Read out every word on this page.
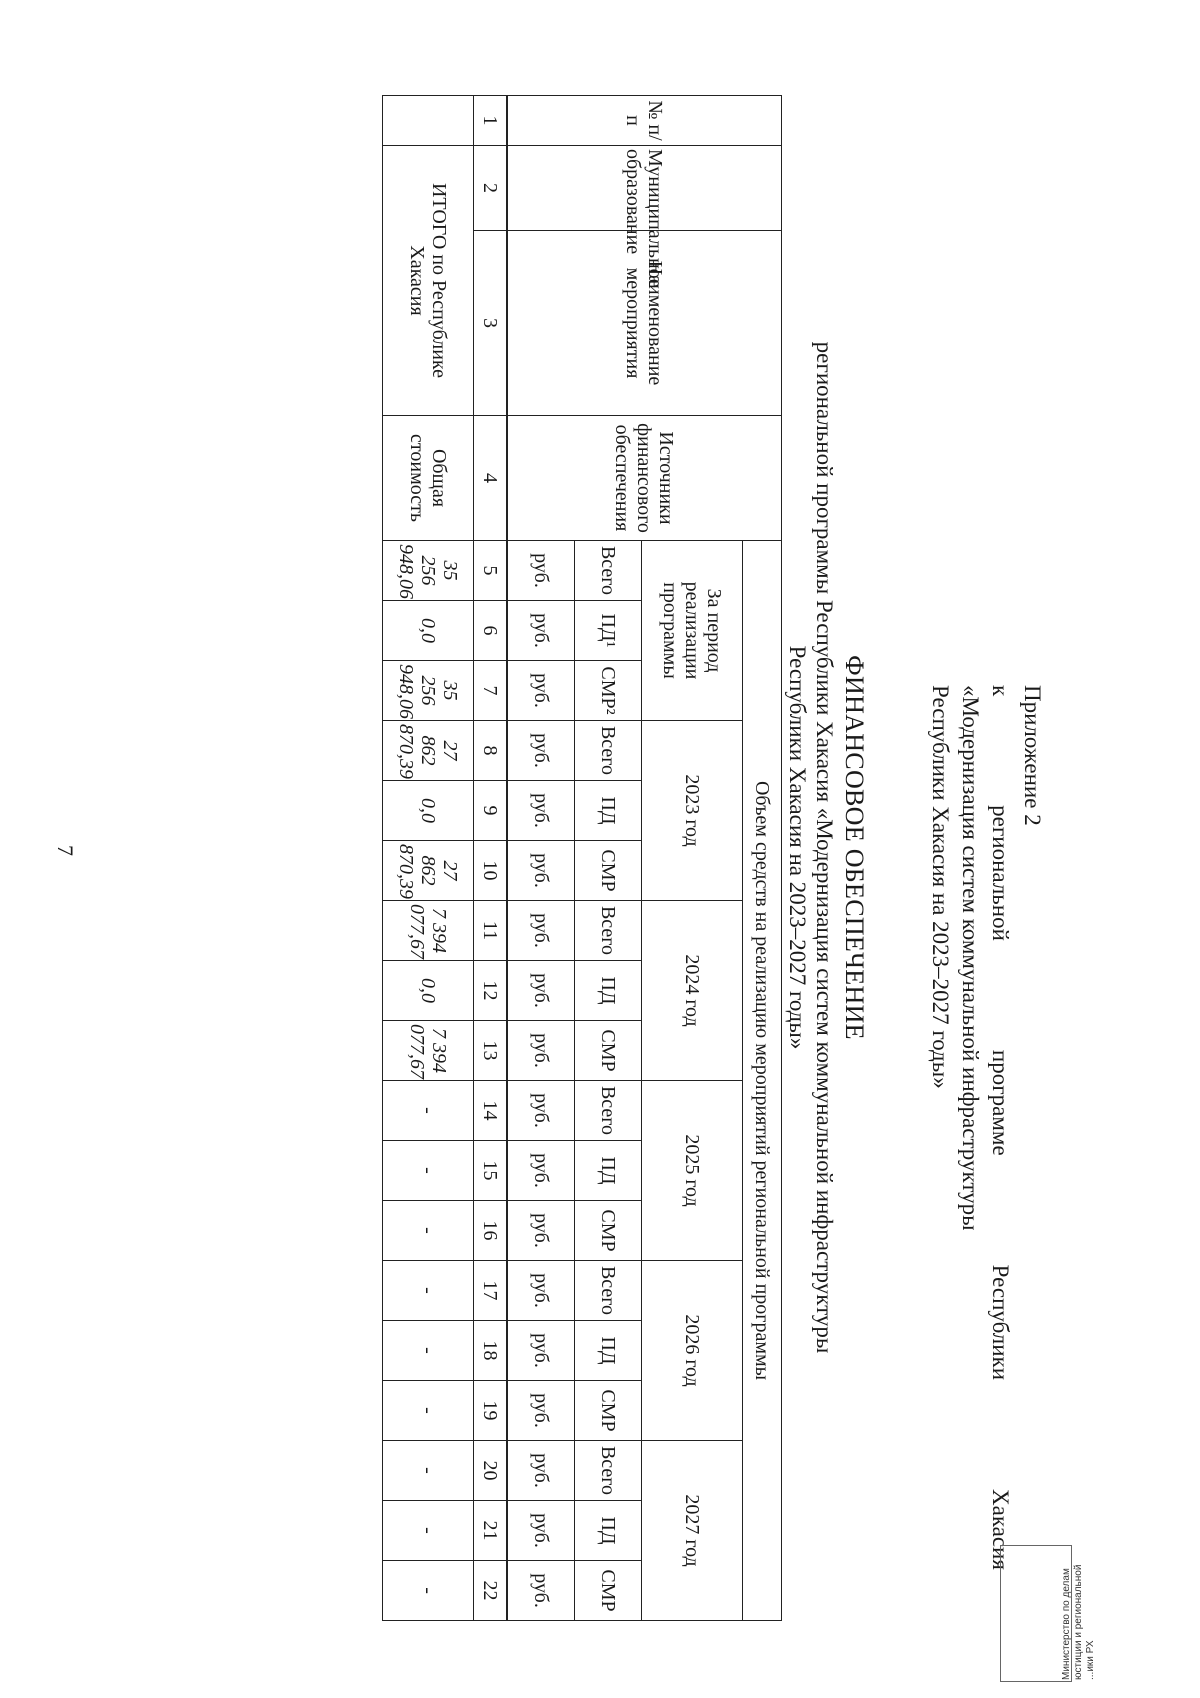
7
Приложение 2
к
региональной
программе
Республики
Хакасия
«Модернизация систем коммунальной инфраструктуры
Республики Хакасия на 2023–2027 годы»
ФИНАНСОВОЕ ОБЕСПЕЧЕНИЕ
региональной программы Республики Хакасия «Модернизация систем коммунальной инфраструктуры
Республики Хакасия на 2023–2027 годы»
№ п/п	Муниципальное образование	Наименование мероприятия	Источники финансового обеспечения	Объем средств на реализацию мероприятий региональной программы																	
				За период реализации программы			2023 год			2024 год			2025 год			2026 год			2027 год		
				Всего	ПД¹	СМР²	Всего	ПД	СМР	Всего	ПД	СМР	Всего	ПД	СМР	Всего	ПД	СМР	Всего	ПД	СМР
				руб.	руб.	руб.	руб.	руб.	руб.	руб.	руб.	руб.	руб.	руб.	руб.	руб.	руб.	руб.	руб.	руб.	руб.
1	2	3	4	5	6	7	8	9	10	11	12	13	14	15	16	17	18	19	20	21	22
	ИТОГО по Республике Хакасия		Общая стоимость	35 256 948,06	0,0	35 256 948,06	27 862 870,39	0,0	27 862 870,39	7 394 077,67	0,0	7 394 077,67	-	-	-	-	-	-	-	-	-	Министерство по делам юстиции и региональной ...ики РХ
